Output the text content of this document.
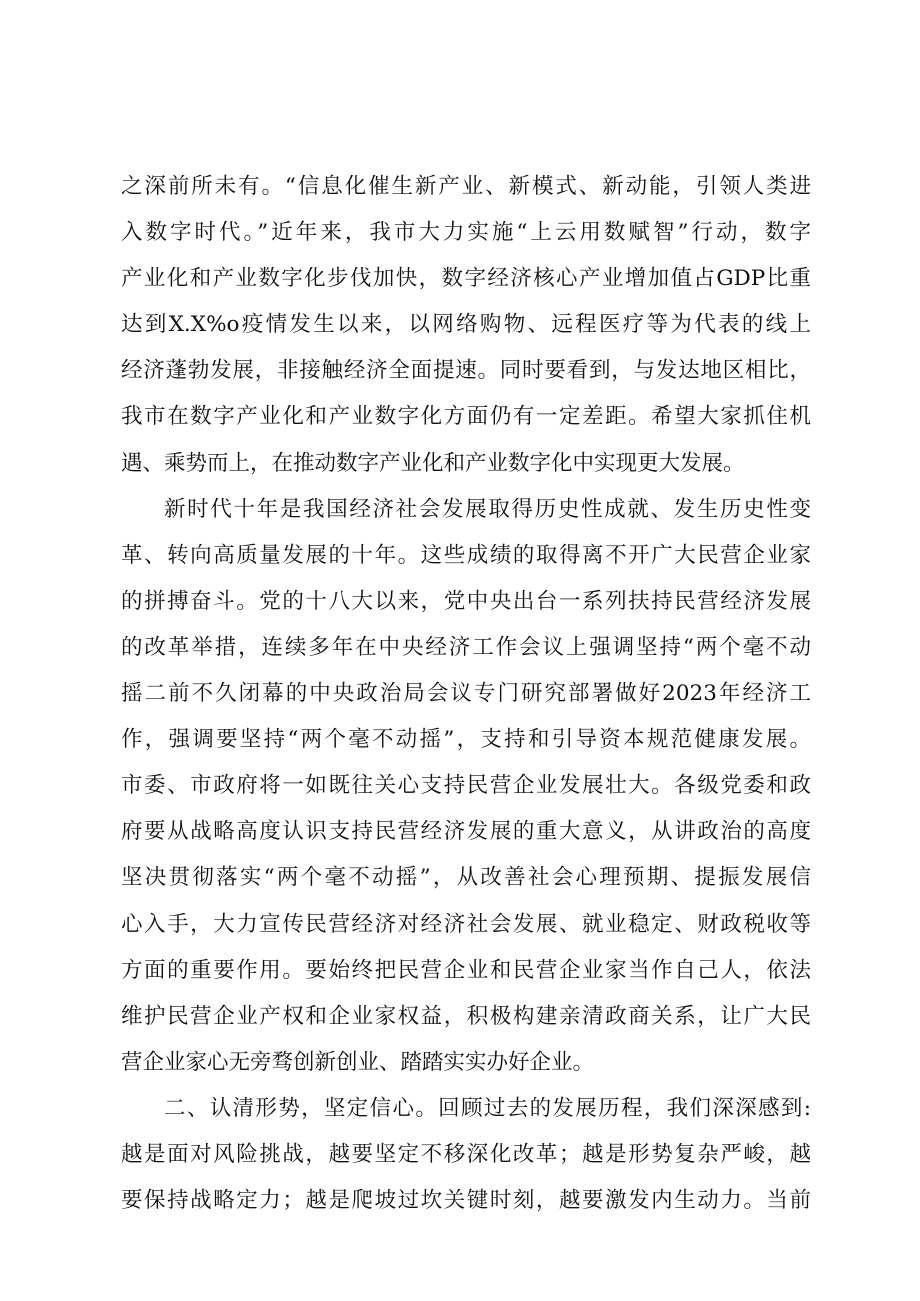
之深前所未有。“信息化催生新产业、新模式、新动能，引领人类进
入数字时代。”近年来，我市大力实施“上云用数赋智”行动，数字
产业化和产业数字化步伐加快，数字经济核心产业增加值占GDP比重
达到X.X%o疫情发生以来，以网络购物、远程医疗等为代表的线上
经济蓬勃发展，非接触经济全面提速。同时要看到，与发达地区相比，
我市在数字产业化和产业数字化方面仍有一定差距。希望大家抓住机
遇、乘势而上，在推动数字产业化和产业数字化中实现更大发展。
新时代十年是我国经济社会发展取得历史性成就、发生历史性变
革、转向高质量发展的十年。这些成绩的取得离不开广大民营企业家
的拼搏奋斗。党的十八大以来，党中央出台一系列扶持民营经济发展
的改革举措，连续多年在中央经济工作会议上强调坚持“两个毫不动
摇二前不久闭幕的中央政治局会议专门研究部署做好2023年经济工
作，强调要坚持“两个毫不动摇”，支持和引导资本规范健康发展。
市委、市政府将一如既往关心支持民营企业发展壮大。各级党委和政
府要从战略高度认识支持民营经济发展的重大意义，从讲政治的高度
坚决贯彻落实“两个毫不动摇”，从改善社会心理预期、提振发展信
心入手，大力宣传民营经济对经济社会发展、就业稳定、财政税收等
方面的重要作用。要始终把民营企业和民营企业家当作自己人，依法
维护民营企业产权和企业家权益，积极构建亲清政商关系，让广大民
营企业家心无旁骛创新创业、踏踏实实办好企业。
二、认清形势，坚定信心。回顾过去的发展历程，我们深深感到:
越是面对风险挑战，越要坚定不移深化改革；越是形势复杂严峻，越
要保持战略定力；越是爬坡过坎关键时刻，越要激发内生动力。当前
